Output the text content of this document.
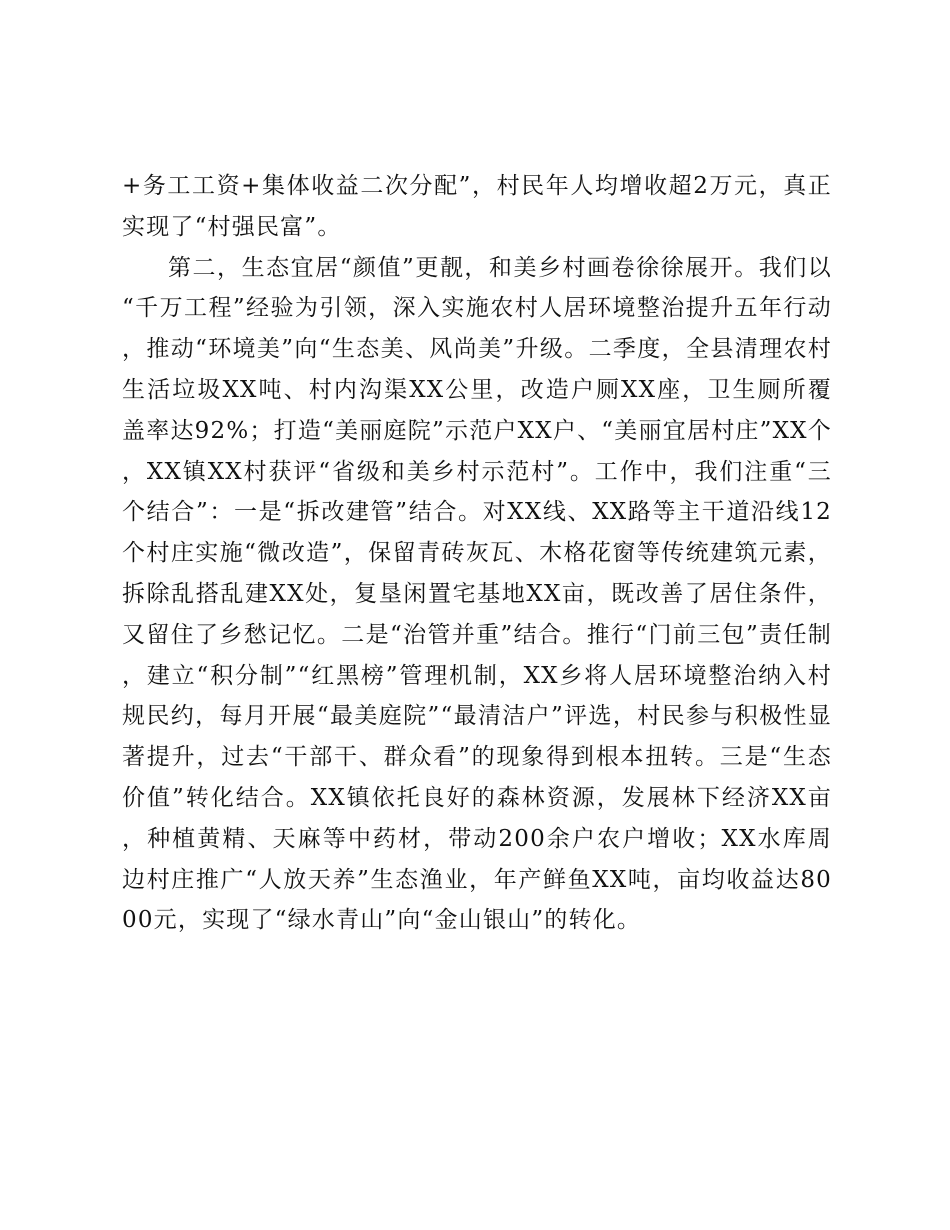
+务工工资+集体收益二次分配”，村民年人均增收超2万元，真正实现了“村强民富”。

第二，生态宜居“颜值”更靓，和美乡村画卷徐徐展开。我们以“千万工程”经验为引领，深入实施农村人居环境整治提升五年行动，推动“环境美”向“生态美、风尚美”升级。二季度，全县清理农村生活垃圾XX吨、村内沟渠XX公里，改造户厕XX座，卫生厕所覆盖率达92%；打造“美丽庭院”示范户XX户、“美丽宜居村庄”XX个，XX镇XX村获评“省级和美乡村示范村”。工作中，我们注重“三个结合”：一是“拆改建管”结合。对XX线、XX路等主干道沿线12个村庄实施“微改造”，保留青砖灰瓦、木格花窗等传统建筑元素，拆除乱搭乱建XX处，复垦闲置宅基地XX亩，既改善了居住条件，又留住了乡愁记忆。二是“治管并重”结合。推行“门前三包”责任制，建立“积分制”“红黑榜”管理机制，XX乡将人居环境整治纳入村规民约，每月开展“最美庭院”“最清洁户”评选，村民参与积极性显著提升，过去“干部干、群众看”的现象得到根本扭转。三是“生态价值”转化结合。XX镇依托良好的森林资源，发展林下经济XX亩，种植黄精、天麻等中药材，带动200余户农户增收；XX水库周边村庄推广“人放天养”生态渔业，年产鲜鱼XX吨，亩均收益达8000元，实现了“绿水青山”向“金山银山”的转化。
